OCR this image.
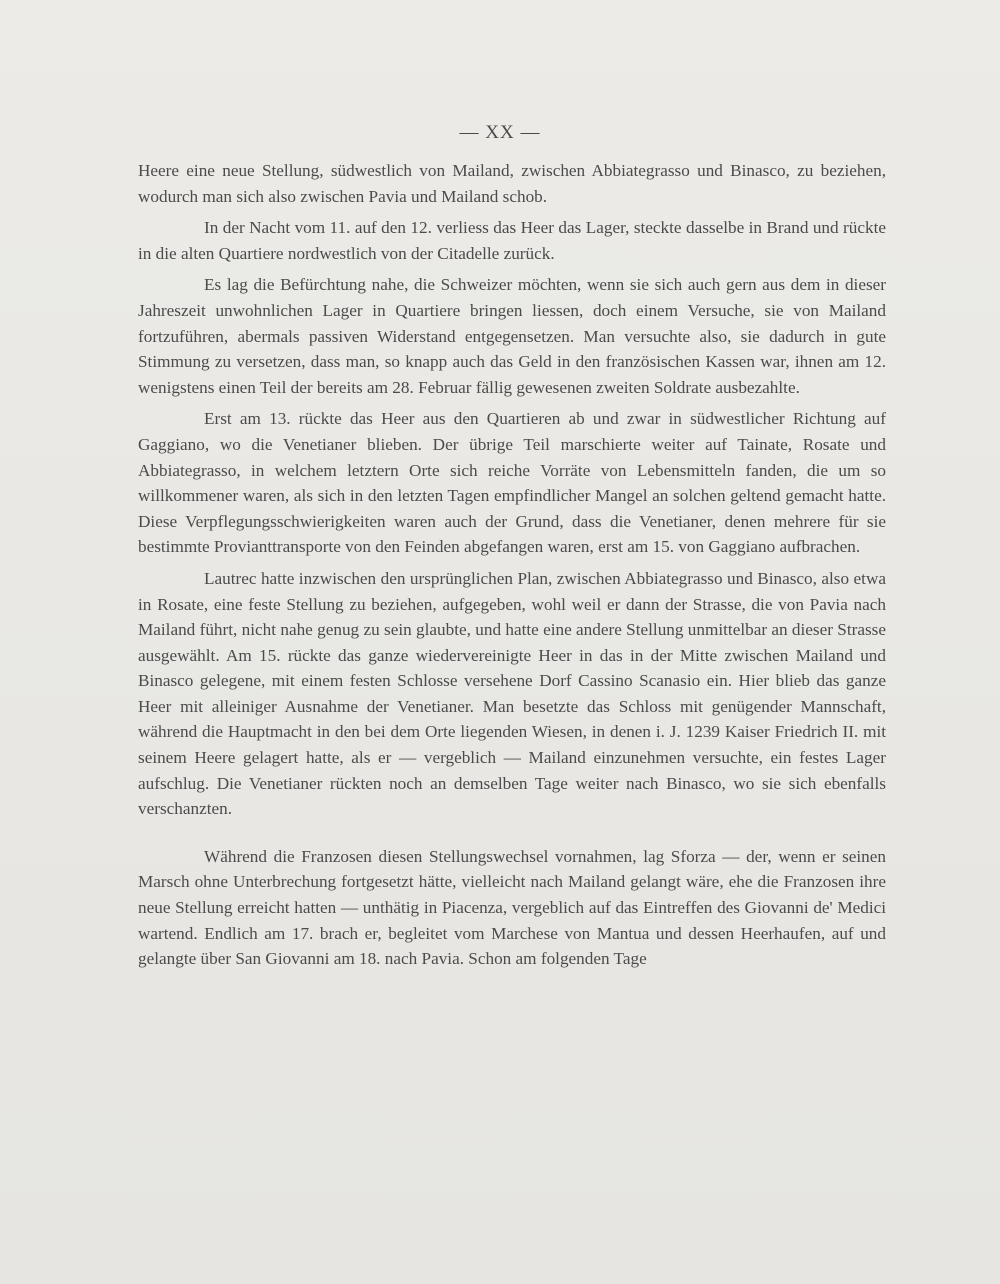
— XX —

Heere eine neue Stellung, südwestlich von Mailand, zwischen Abbiategrasso und Binasco, zu beziehen, wodurch man sich also zwischen Pavia und Mailand schob.

In der Nacht vom 11. auf den 12. verliess das Heer das Lager, steckte dasselbe in Brand und rückte in die alten Quartiere nordwestlich von der Citadelle zurück.

Es lag die Befürchtung nahe, die Schweizer möchten, wenn sie sich auch gern aus dem in dieser Jahreszeit unwohnlichen Lager in Quartiere bringen liessen, doch einem Versuche, sie von Mailand fortzuführen, abermals passiven Widerstand entgegensetzen. Man versuchte also, sie dadurch in gute Stimmung zu versetzen, dass man, so knapp auch das Geld in den französischen Kassen war, ihnen am 12. wenigstens einen Teil der bereits am 28. Februar fällig gewesenen zweiten Soldrate ausbezahlte.

Erst am 13. rückte das Heer aus den Quartieren ab und zwar in südwestlicher Richtung auf Gaggiano, wo die Venetianer blieben. Der übrige Teil marschierte weiter auf Tainate, Rosate und Abbiategrasso, in welchem letztern Orte sich reiche Vorräte von Lebensmitteln fanden, die um so willkommener waren, als sich in den letzten Tagen empfindlicher Mangel an solchen geltend gemacht hatte. Diese Verpflegungsschwierigkeiten waren auch der Grund, dass die Venetianer, denen mehrere für sie bestimmte Provianttransporte von den Feinden abgefangen waren, erst am 15. von Gaggiano aufbrachen.

Lautrec hatte inzwischen den ursprünglichen Plan, zwischen Abbiategrasso und Binasco, also etwa in Rosate, eine feste Stellung zu beziehen, aufgegeben, wohl weil er dann der Strasse, die von Pavia nach Mailand führt, nicht nahe genug zu sein glaubte, und hatte eine andere Stellung unmittelbar an dieser Strasse ausgewählt. Am 15. rückte das ganze wiedervereinigte Heer in das in der Mitte zwischen Mailand und Binasco gelegene, mit einem festen Schlosse versehene Dorf Cassino Scanasio ein. Hier blieb das ganze Heer mit alleiniger Ausnahme der Venetianer. Man besetzte das Schloss mit genügender Mannschaft, während die Hauptmacht in den bei dem Orte liegenden Wiesen, in denen i. J. 1239 Kaiser Friedrich II. mit seinem Heere gelagert hatte, als er — vergeblich — Mailand einzunehmen versuchte, ein festes Lager aufschlug. Die Venetianer rückten noch an demselben Tage weiter nach Binasco, wo sie sich ebenfalls verschanzten.

Während die Franzosen diesen Stellungswechsel vornahmen, lag Sforza — der, wenn er seinen Marsch ohne Unterbrechung fortgesetzt hätte, vielleicht nach Mailand gelangt wäre, ehe die Franzosen ihre neue Stellung erreicht hatten — unthätig in Piacenza, vergeblich auf das Eintreffen des Giovanni de' Medici wartend. Endlich am 17. brach er, begleitet vom Marchese von Mantua und dessen Heerhaufen, auf und gelangte über San Giovanni am 18. nach Pavia. Schon am folgenden Tage
